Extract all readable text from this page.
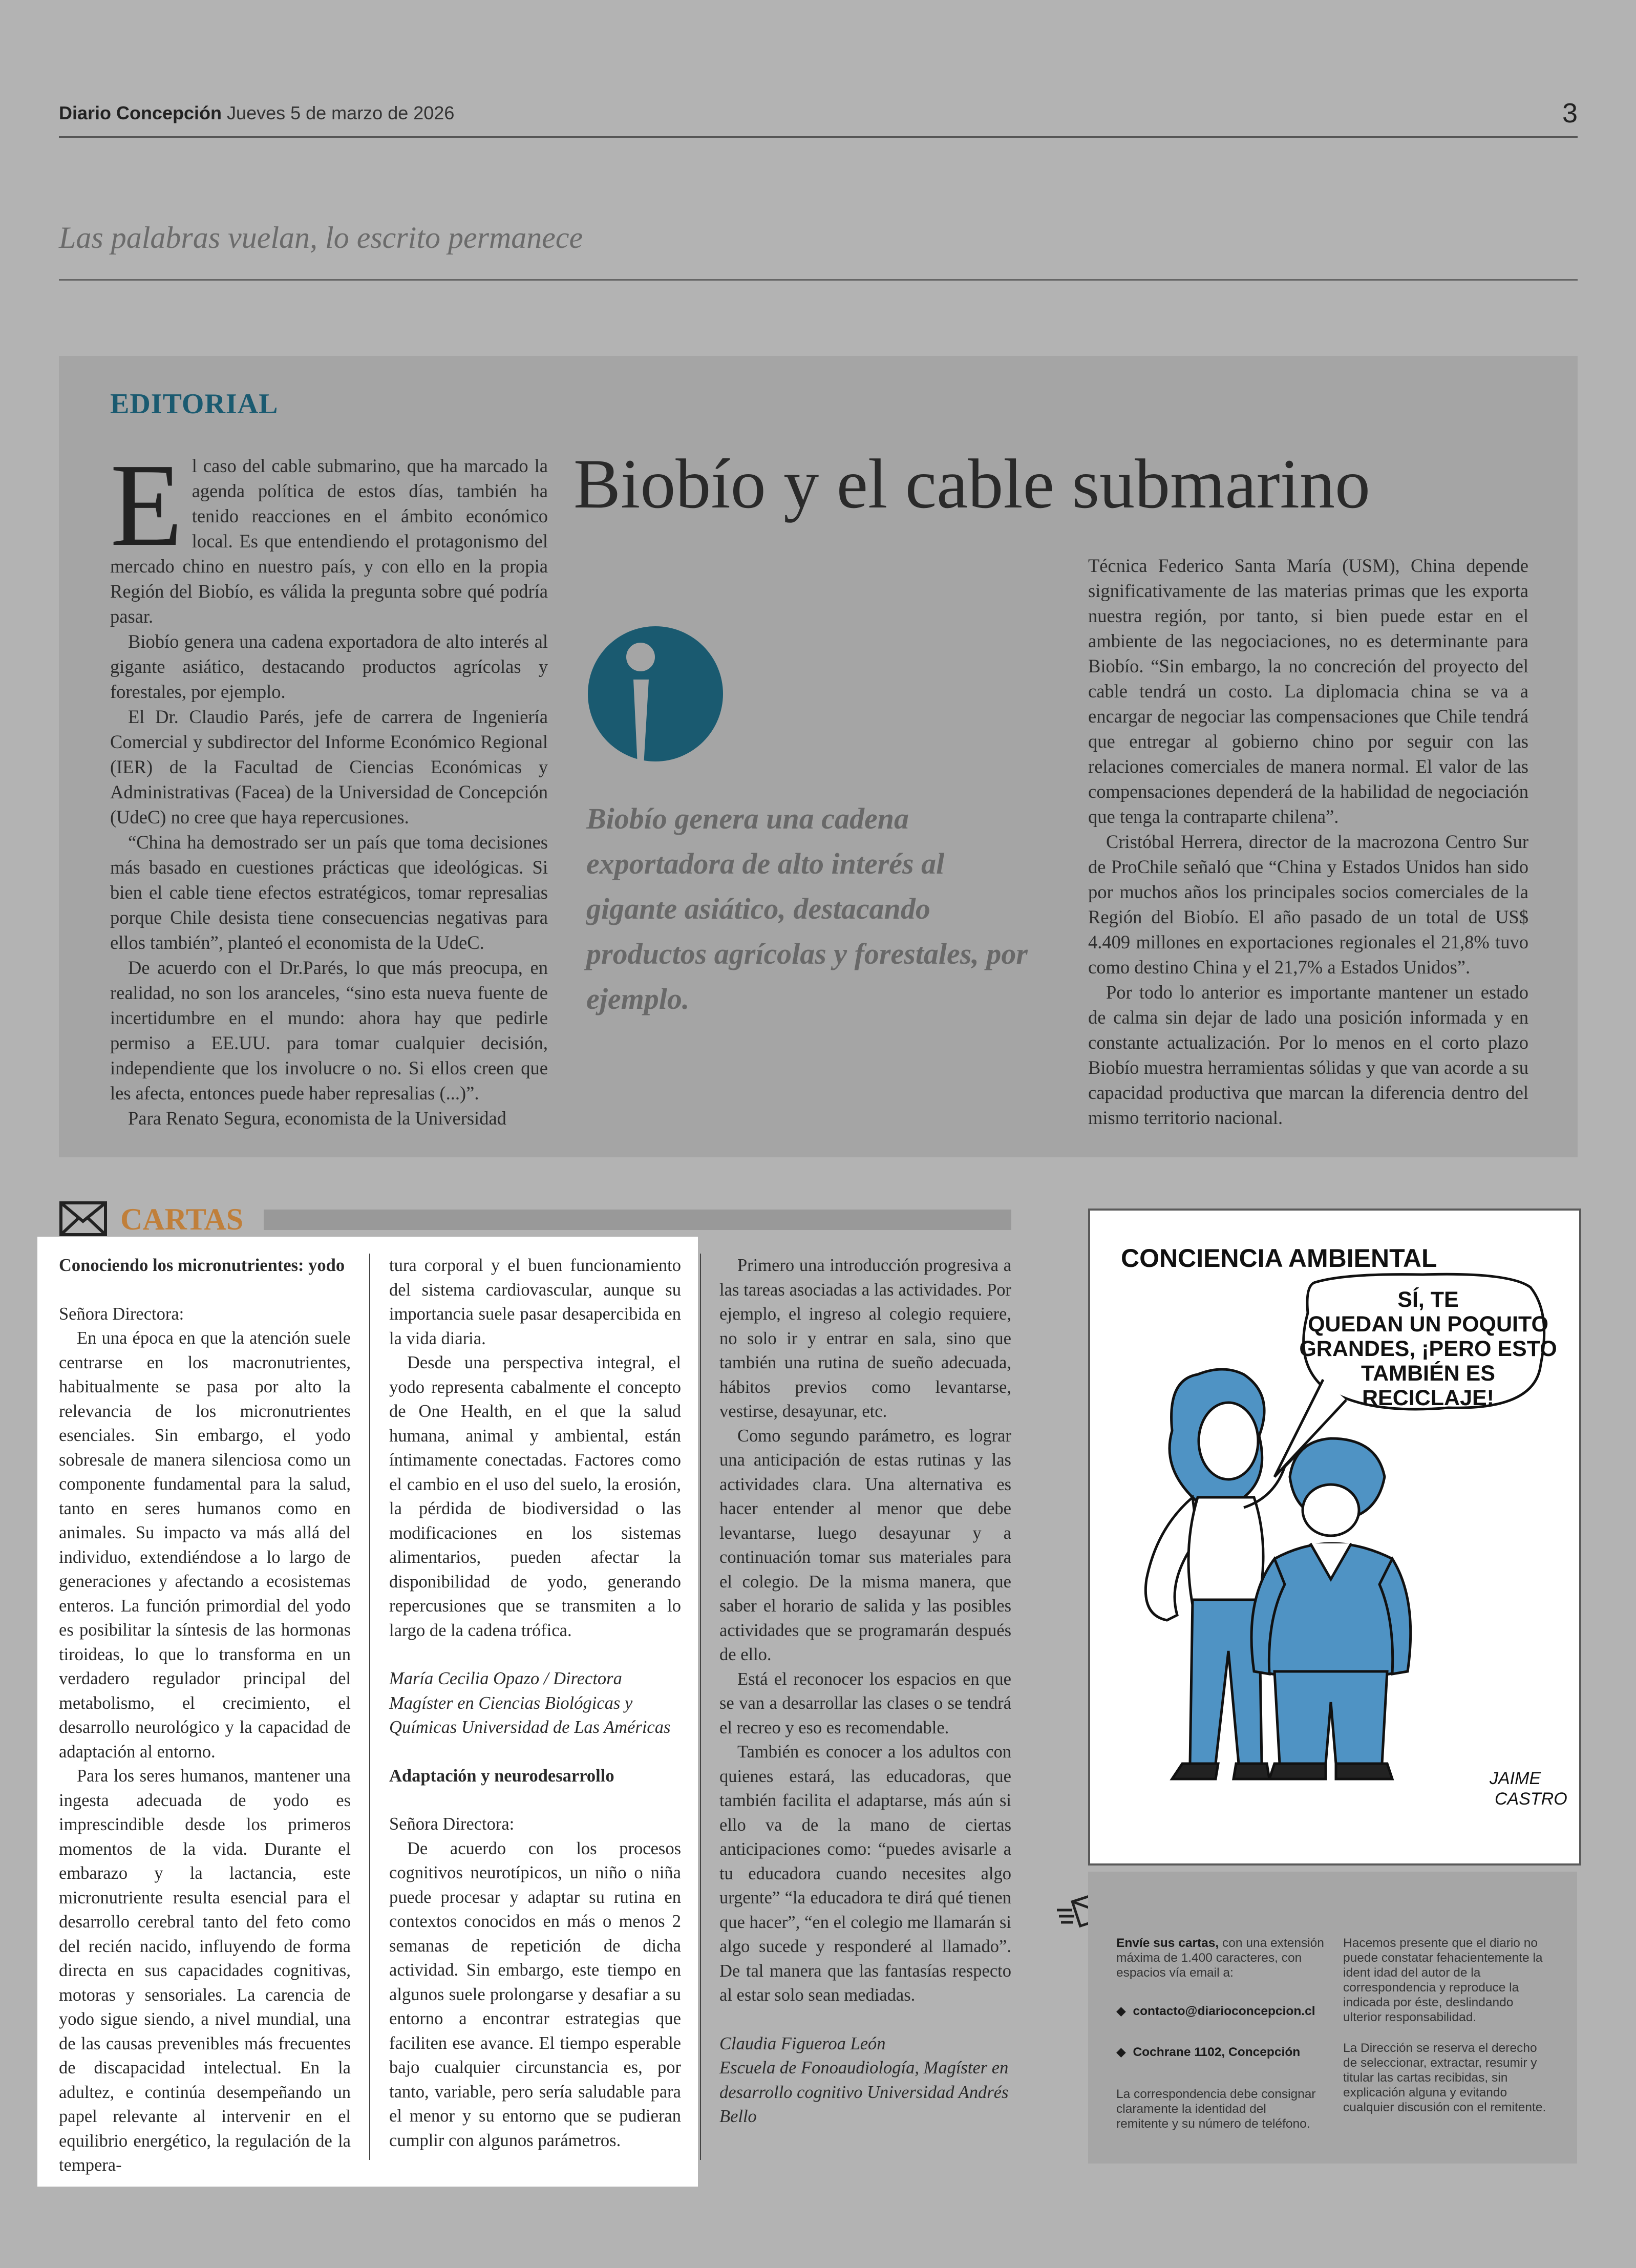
Diario Concepción Jueves 5 de marzo de 2026	3
Las palabras vuelan, lo escrito permanece
EDITORIAL

El caso del cable submarino, que ha marcado la agenda política de estos días, también ha tenido reacciones en el ámbito económico local. Es que entendiendo el protagonismo del mercado chino en nuestro país, y con ello en la propia Región del Biobío, es válida la pregunta sobre qué podría pasar.

Biobío genera una cadena exportadora de alto interés al gigante asiático, destacando productos agrícolas y forestales, por ejemplo.

El Dr. Claudio Parés, jefe de carrera de Ingeniería Comercial y subdirector del Informe Económico Regional (IER) de la Facultad de Ciencias Económicas y Administrativas (Facea) de la Universidad de Concepción (UdeC) no cree que haya repercusiones.

“China ha demostrado ser un país que toma decisiones más basado en cuestiones prácticas que ideológicas. Si bien el cable tiene efectos estratégicos, tomar represalias porque Chile desista tiene consecuencias negativas para ellos también”, planteó el economista de la UdeC.

De acuerdo con el Dr.Parés, lo que más preocupa, en realidad, no son los aranceles, “sino esta nueva fuente de incertidumbre en el mundo: ahora hay que pedirle permiso a EE.UU. para tomar cualquier decisión, independiente que los involucre o no. Si ellos creen que les afecta, entonces puede haber represalias (...)”.

Para Renato Segura, economista de la Universidad

Biobío y el cable submarino
Biobío genera una cadena exportadora de alto interés al gigante asiático, destacando productos agrícolas y forestales, por ejemplo.

Técnica Federico Santa María (USM), China depende significativamente de las materias primas que les exporta nuestra región, por tanto, si bien puede estar en el ambiente de las negociaciones, no es determinante para Biobío. “Sin embargo, la no concreción del proyecto del cable tendrá un costo. La diplomacia china se va a encargar de negociar las compensaciones que Chile tendrá que entregar al gobierno chino por seguir con las relaciones comerciales de manera normal. El valor de las compensaciones dependerá de la habilidad de negociación que tenga la contraparte chilena”.

Cristóbal Herrera, director de la macrozona Centro Sur de ProChile señaló que “China y Estados Unidos han sido por muchos años los principales socios comerciales de la Región del Biobío. El año pasado de un total de US$ 4.409 millones en exportaciones regionales el 21,8% tuvo como destino China y el 21,7% a Estados Unidos”.

Por todo lo anterior es importante mantener un estado de calma sin dejar de lado una posición informada y en constante actualización. Por lo menos en el corto plazo Biobío muestra herramientas sólidas y que van acorde a su capacidad productiva que marcan la diferencia dentro del mismo territorio nacional.

CARTAS

Conociendo los micronutrientes: yodo

Señora Directora:

En una época en que la atención suele centrarse en los macronutrientes, habitualmente se pasa por alto la relevancia de los micronutrientes esenciales. Sin embargo, el yodo sobresale de manera silenciosa como un componente fundamental para la salud, tanto en seres humanos como en animales. Su impacto va más allá del individuo, extendiéndose a lo largo de generaciones y afectando a ecosistemas enteros. La función primordial del yodo es posibilitar la síntesis de las hormonas tiroideas, lo que lo transforma en un verdadero regulador principal del metabolismo, el crecimiento, el desarrollo neurológico y la capacidad de adaptación al entorno.

Para los seres humanos, mantener una ingesta adecuada de yodo es imprescindible desde los primeros momentos de la vida. Durante el embarazo y la lactancia, este micronutriente resulta esencial para el desarrollo cerebral tanto del feto como del recién nacido, influyendo de forma directa en sus capacidades cognitivas, motoras y sensoriales. La carencia de yodo sigue siendo, a nivel mundial, una de las causas prevenibles más frecuentes de discapacidad intelectual. En la adultez, e continúa desempeñando un papel relevante al intervenir en el equilibrio energético, la regulación de la tempera-

tura corporal y el buen funcionamiento del sistema cardiovascular, aunque su importancia suele pasar desapercibida en la vida diaria.

Desde una perspectiva integral, el yodo representa cabalmente el concepto de One Health, en el que la salud humana, animal y ambiental, están íntimamente conectadas. Factores como el cambio en el uso del suelo, la erosión, la pérdida de biodiversidad o las modificaciones en los sistemas alimentarios, pueden afectar la disponibilidad de yodo, generando repercusiones que se transmiten a lo largo de la cadena trófica.

María Cecilia Opazo / Directora Magíster en Ciencias Biológicas y Químicas Universidad de Las Américas

Adaptación y neurodesarrollo

Señora Directora:

De acuerdo con los procesos cognitivos neurotípicos, un niño o niña puede procesar y adaptar su rutina en contextos conocidos en más o menos 2 semanas de repetición de dicha actividad. Sin embargo, este tiempo en algunos suele prolongarse y desafiar a su entorno a encontrar estrategias que faciliten ese avance. El tiempo esperable bajo cualquier circunstancia es, por tanto, variable, pero sería saludable para el menor y su entorno que se pudieran cumplir con algunos parámetros.

Primero una introducción progresiva a las tareas asociadas a las actividades. Por ejemplo, el ingreso al colegio requiere, no solo ir y entrar en sala, sino que también una rutina de sueño adecuada, hábitos previos como levantarse, vestirse, desayunar, etc.

Como segundo parámetro, es lograr una anticipación de estas rutinas y las actividades clara. Una alternativa es hacer entender al menor que debe levantarse, luego desayunar y a continuación tomar sus materiales para el colegio. De la misma manera, que saber el horario de salida y las posibles actividades que se programarán después de ello.

Está el reconocer los espacios en que se van a desarrollar las clases o se tendrá el recreo y eso es recomendable.

También es conocer a los adultos con quienes estará, las educadoras, que también facilita el adaptarse, más aún si ello va de la mano de ciertas anticipaciones como: “puedes avisarle a tu educadora cuando necesites algo urgente” “la educadora te dirá qué tienen que hacer”, “en el colegio me llamarán si algo sucede y responderé al llamado”. De tal manera que las fantasías respecto al estar solo sean mediadas.

Claudia Figueroa León

Escuela de Fonoaudiología, Magíster en desarrollo cognitivo Universidad Andrés Bello

CONCIENCIA AMBIENTAL
SÍ, TE
QUEDAN UN POQUITO
GRANDES, ¡PERO ESTO
TAMBIÉN ES
RECICLAJE!
JAIME
CASTRO
Envíe sus cartas, con una extensión máxima de 1.400 caracteres, con espacios vía email a:
◆  contacto@diarioconcepcion.cl
◆  Cochrane 1102, Concepción
La correspondencia debe consignar claramente la identidad del remitente y su número de teléfono.
Hacemos presente que el diario no puede constatar fehacientemente la ident idad del autor de la correspondencia y reproduce la indicada por éste, deslindando ulterior responsabilidad.
La Dirección se reserva el derecho de seleccionar, extractar, resumir y titular las cartas recibidas, sin explicación alguna y evitando cualquier discusión con el remitente.
